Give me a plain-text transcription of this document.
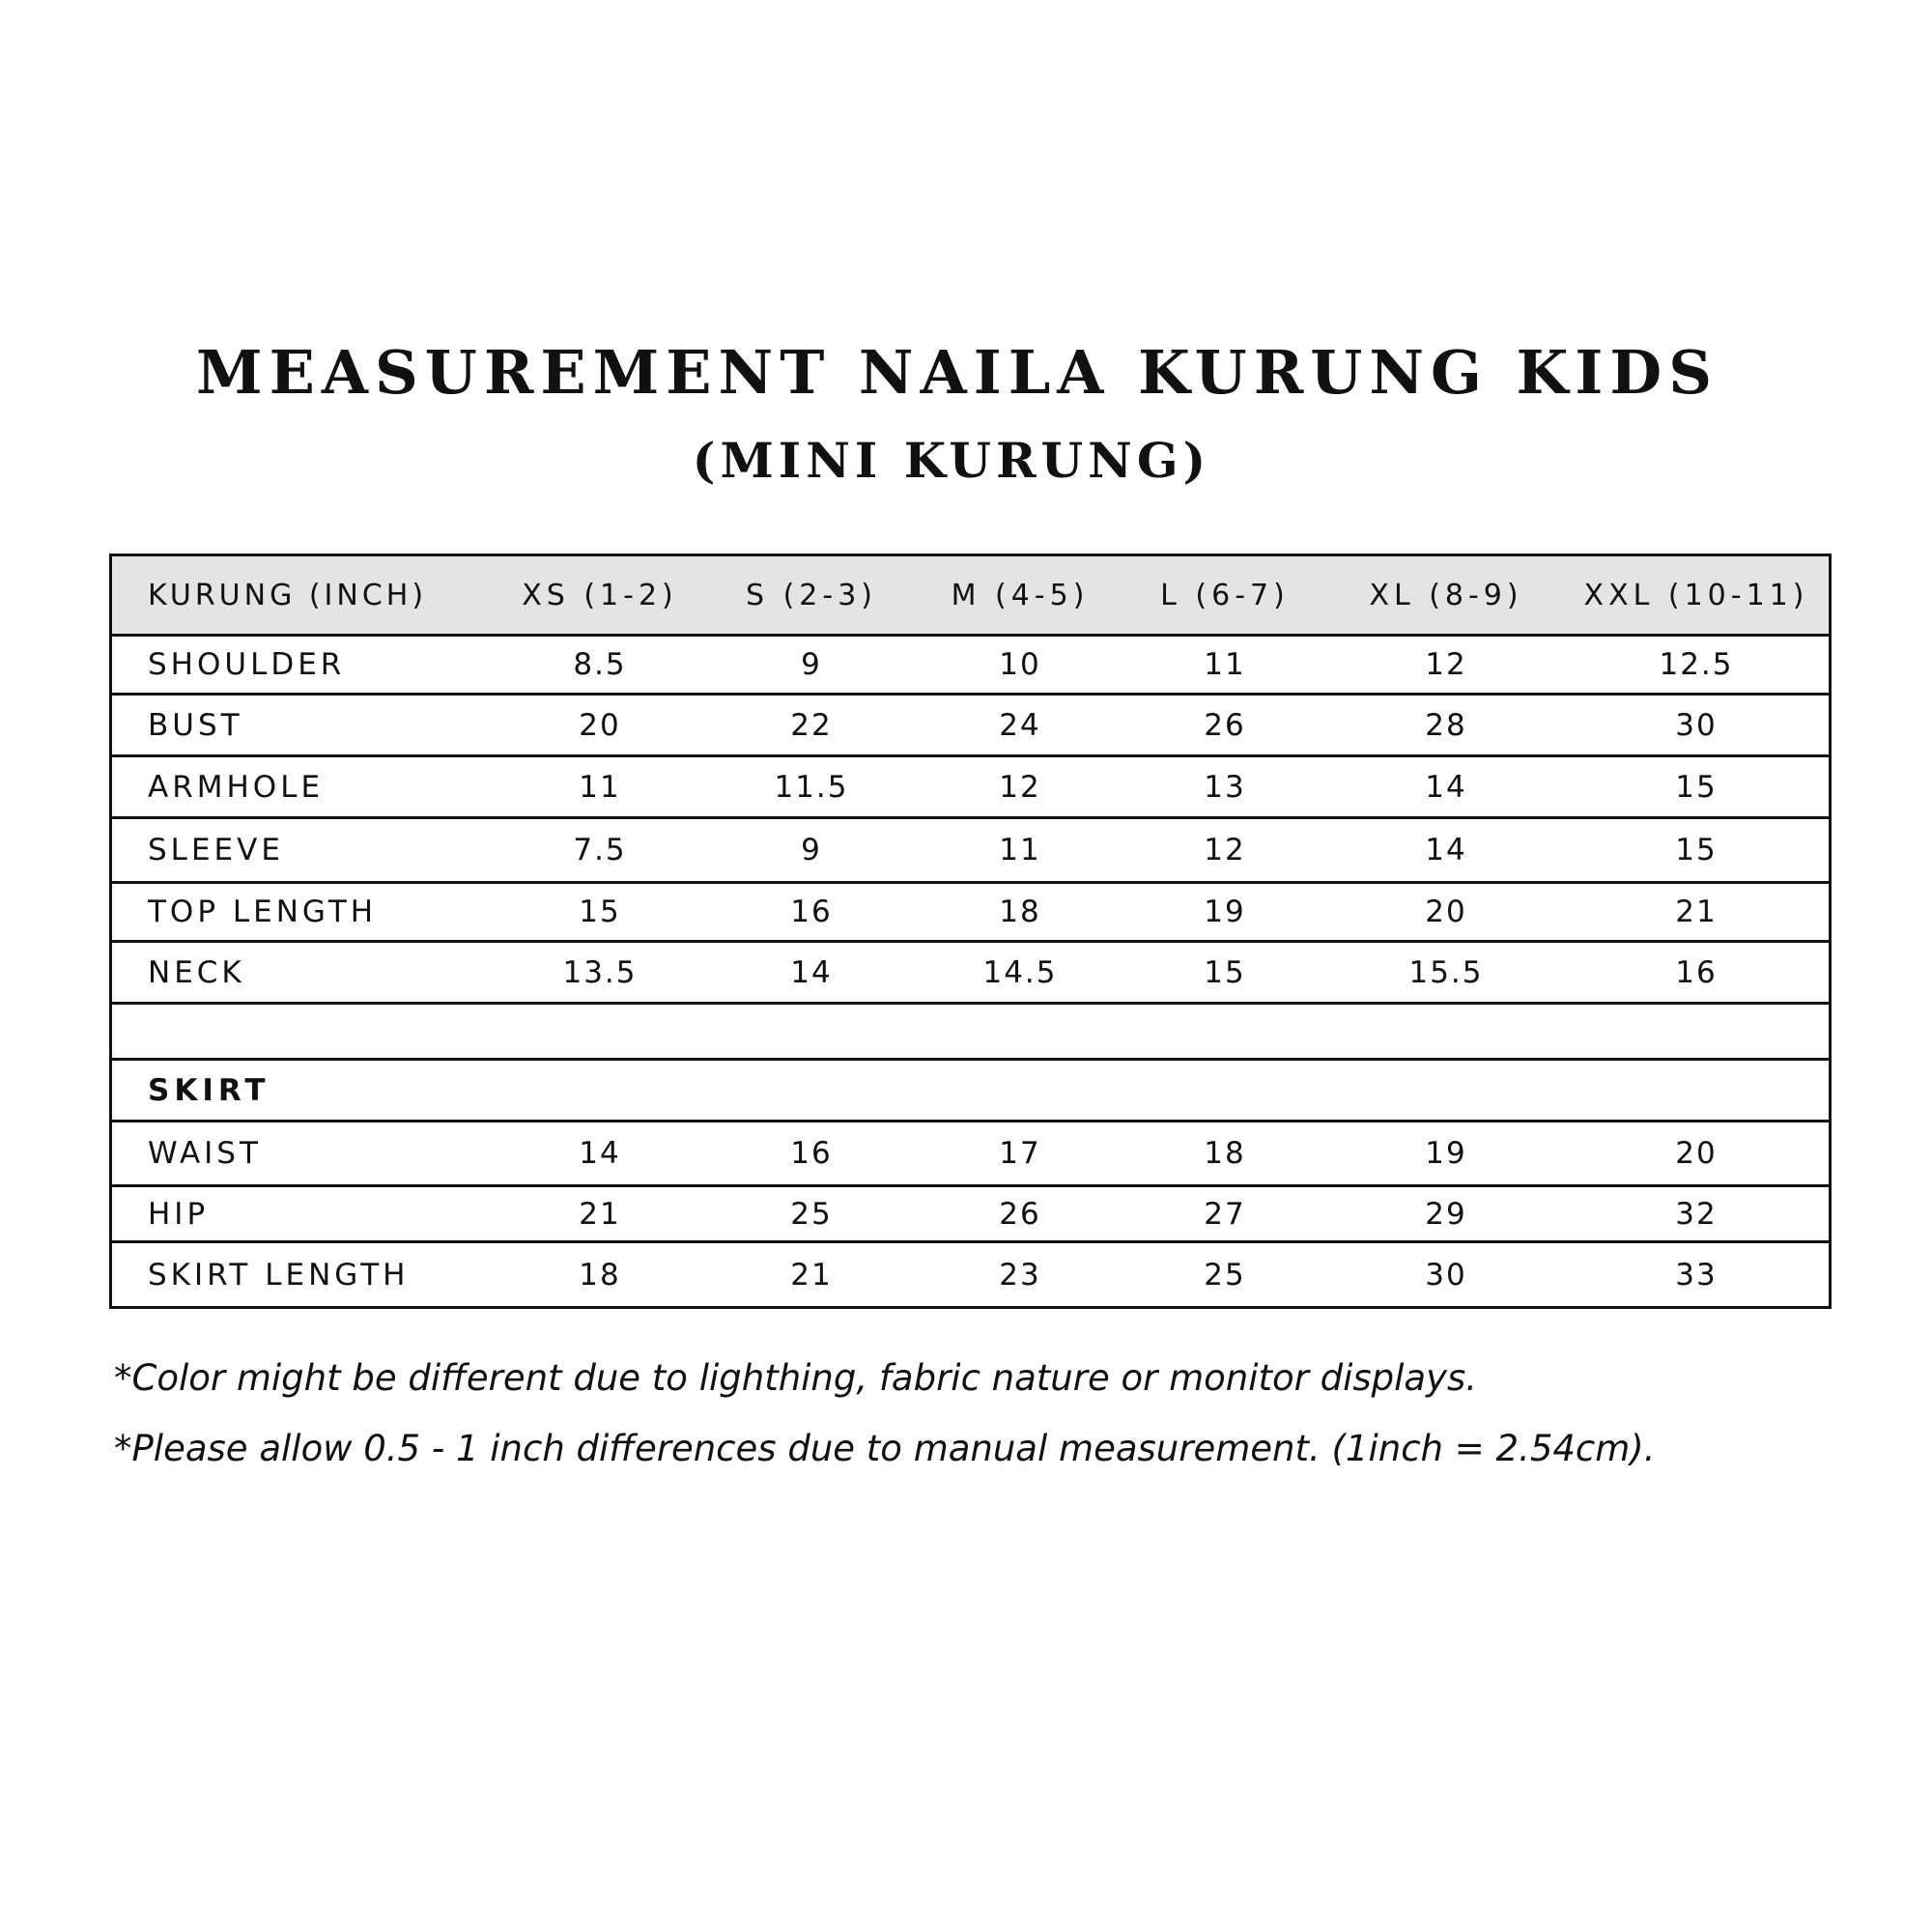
MEASUREMENT NAILA KURUNG KIDS
(MINI KURUNG)
KURUNG (INCH)	XS (1-2)	S (2-3)	M (4-5)	L (6-7)	XL (8-9)	XXL (10-11)
SHOULDER	8.5	9	10	11	12	12.5
BUST	20	22	24	26	28	30
ARMHOLE	11	11.5	12	13	14	15
SLEEVE	7.5	9	11	12	14	15
TOP LENGTH	15	16	18	19	20	21
NECK	13.5	14	14.5	15	15.5	16
SKIRT
WAIST	14	16	17	18	19	20
HIP	21	25	26	27	29	32
SKIRT LENGTH	18	21	23	25	30	33
*Color might be different due to lighthing, fabric nature or monitor displays.
*Please allow 0.5 - 1 inch differences due to manual measurement. (1inch = 2.54cm).
